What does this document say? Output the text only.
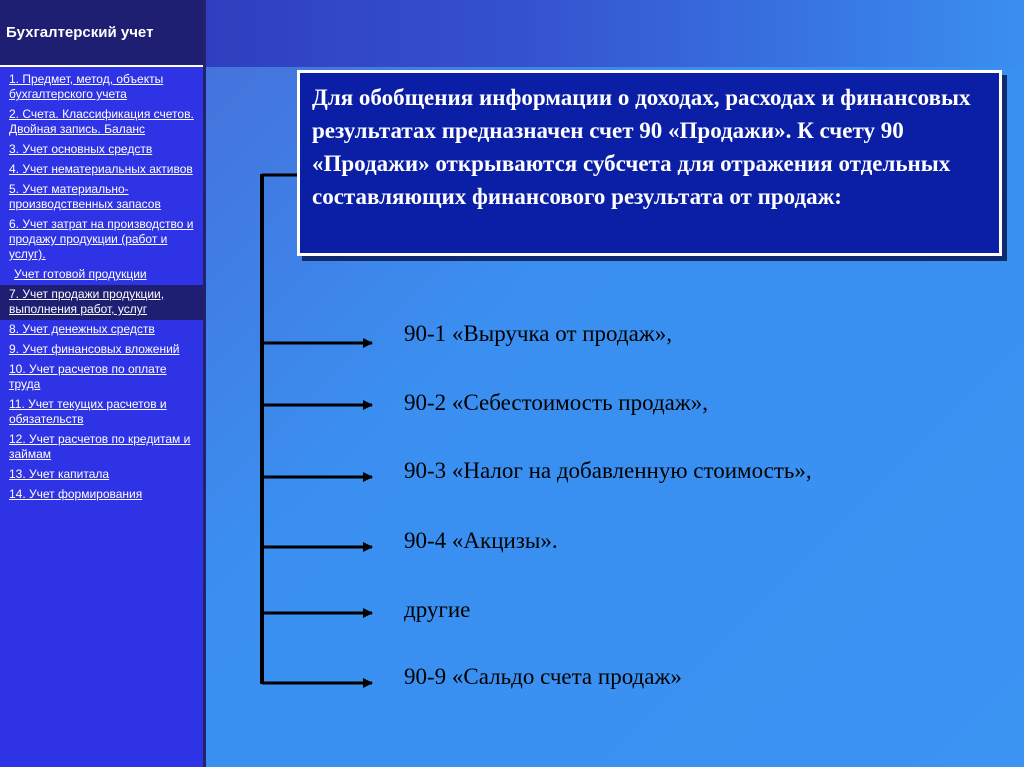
Бухгалтерский учет
1. Предмет, метод, объекты бухгалтерского учета
2. Счета. Классификация счетов. Двойная запись. Баланс
3. Учет основных средств
4. Учет нематериальных активов
5. Учет материально-производственных запасов
6. Учет затрат на производство и продажу продукции (работ и услуг).
Учет готовой продукции
7. Учет продажи продукции, выполнения работ, услуг
8. Учет денежных средств
9. Учет финансовых вложений
10. Учет расчетов по оплате труда
11. Учет текущих расчетов и обязательств
12. Учет расчетов по кредитам и займам
13. Учет капитала
14. Учет формирования

Для обобщения информации о доходах, расходах и финансовых результатах предназначен счет 90 «Продажи». К счету 90 «Продажи» открываются субсчета для отражения отдельных составляющих финансового результата от продаж:

90-1 «Выручка от продаж»,
90-2 «Себестоимость продаж»,
90-3 «Налог на добавленную стоимость»,
90-4 «Акцизы».
другие
90-9 «Сальдо счета продаж»
